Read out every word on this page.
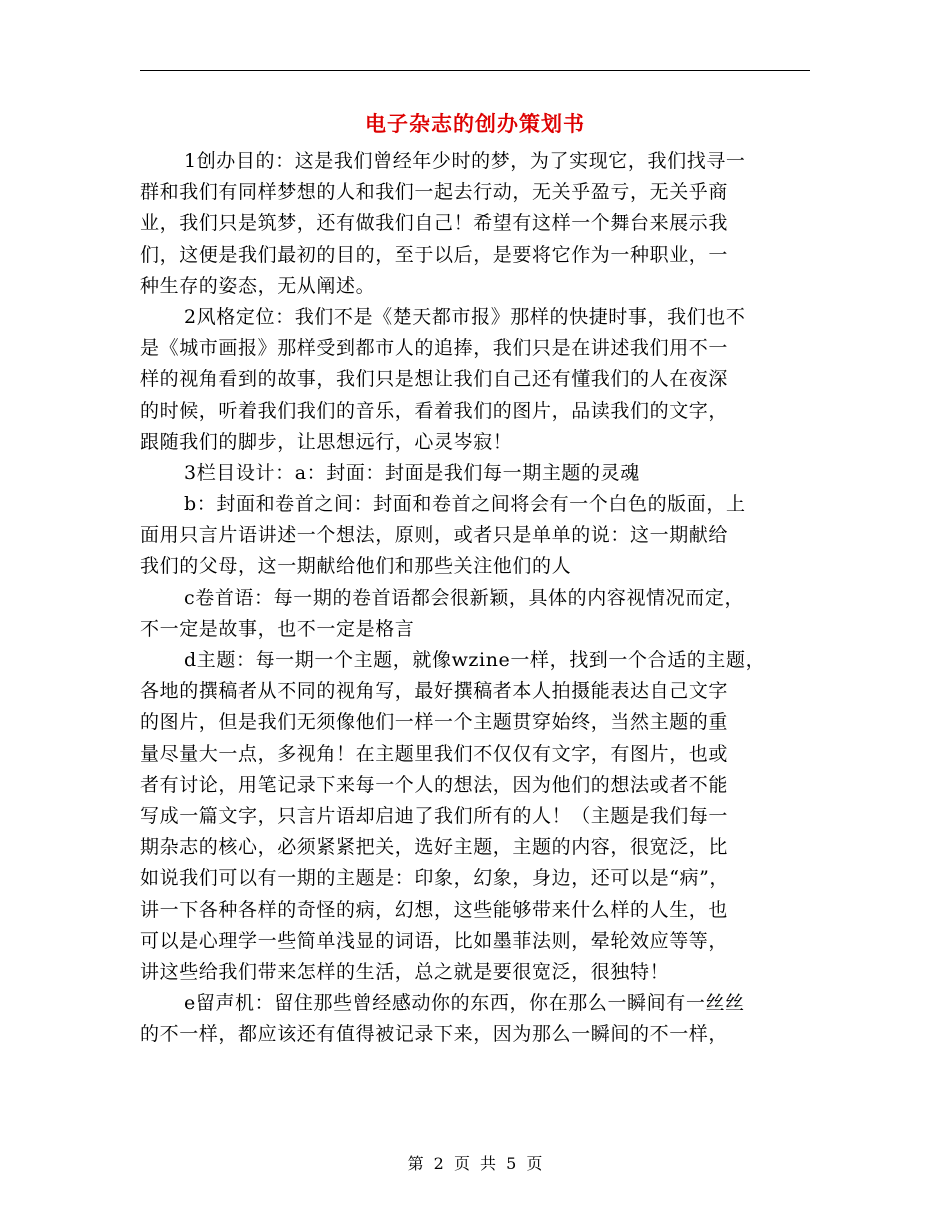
电子杂志的创办策划书
1创办目的：这是我们曾经年少时的梦，为了实现它，我们找寻一
群和我们有同样梦想的人和我们一起去行动，无关乎盈亏，无关乎商
业，我们只是筑梦，还有做我们自己！希望有这样一个舞台来展示我
们，这便是我们最初的目的，至于以后，是要将它作为一种职业，一
种生存的姿态，无从阐述。
2风格定位：我们不是《楚天都市报》那样的快捷时事，我们也不
是《城市画报》那样受到都市人的追捧，我们只是在讲述我们用不一
样的视角看到的故事，我们只是想让我们自己还有懂我们的人在夜深
的时候，听着我们我们的音乐，看着我们的图片，品读我们的文字，
跟随我们的脚步，让思想远行，心灵岑寂！
3栏目设计：a：封面：封面是我们每一期主题的灵魂
b：封面和卷首之间：封面和卷首之间将会有一个白色的版面，上
面用只言片语讲述一个想法，原则，或者只是单单的说：这一期献给
我们的父母，这一期献给他们和那些关注他们的人
c卷首语：每一期的卷首语都会很新颖，具体的内容视情况而定，
不一定是故事，也不一定是格言
d主题：每一期一个主题，就像wzine一样，找到一个合适的主题，
各地的撰稿者从不同的视角写，最好撰稿者本人拍摄能表达自己文字
的图片，但是我们无须像他们一样一个主题贯穿始终，当然主题的重
量尽量大一点，多视角！在主题里我们不仅仅有文字，有图片，也或
者有讨论，用笔记录下来每一个人的想法，因为他们的想法或者不能
写成一篇文字，只言片语却启迪了我们所有的人！（主题是我们每一
期杂志的核心，必须紧紧把关，选好主题，主题的内容，很宽泛，比
如说我们可以有一期的主题是：印象，幻象，身边，还可以是“病”，
讲一下各种各样的奇怪的病，幻想，这些能够带来什么样的人生，也
可以是心理学一些简单浅显的词语，比如墨菲法则，晕轮效应等等，
讲这些给我们带来怎样的生活，总之就是要很宽泛，很独特！
e留声机：留住那些曾经感动你的东西，你在那么一瞬间有一丝丝
的不一样，都应该还有值得被记录下来，因为那么一瞬间的不一样，
第 2 页 共 5 页
